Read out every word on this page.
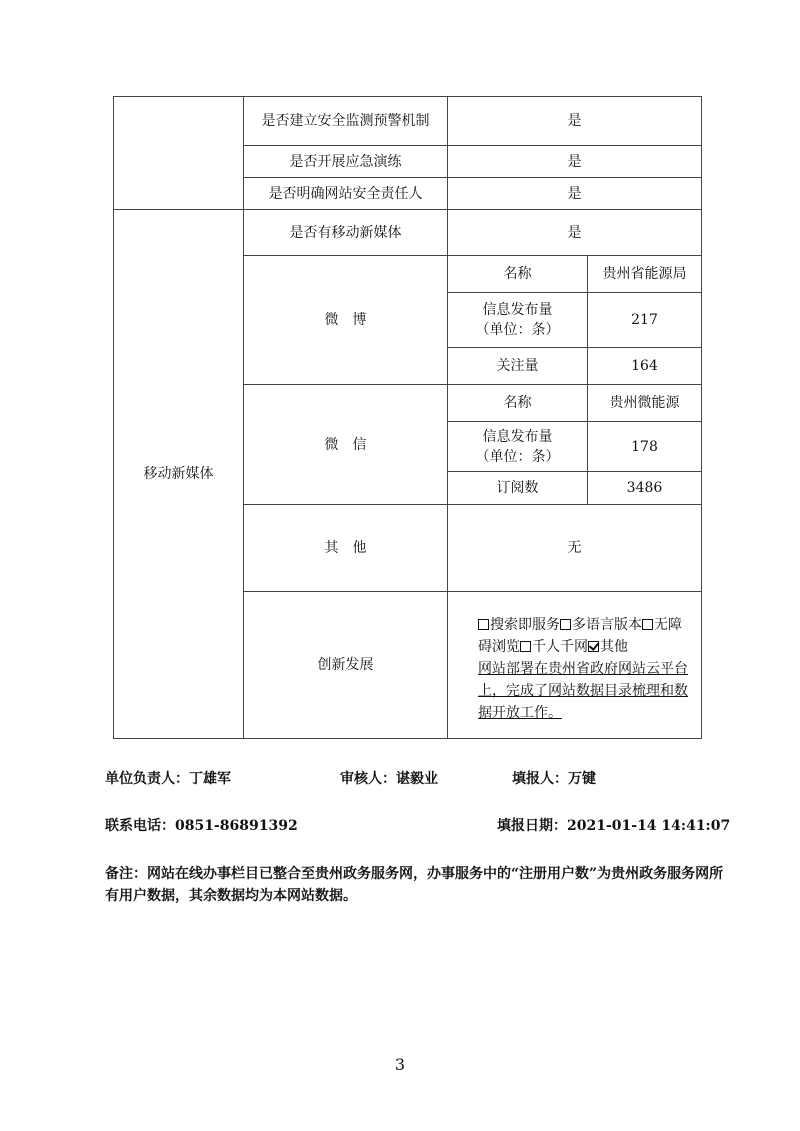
	是否建立安全监测预警机制	是	
	是否开展应急演练	是	
	是否明确网站安全责任人	是	
移动新媒体	是否有移动新媒体	是	
	微　博	名称	贵州省能源局

		信息发布量（单位：条）	217
		关注量	164
	微　信	名称	贵州微能源

		信息发布量（单位：条）	178
		订阅数	3486
	其　他	无	
	创新发展	搜索即服务 多语言版本 无障碍浏览 千人千网 其他
网站部署在贵州省政府网站云平台上，完成了网站数据目录梳理和数据开放工作。	
单位负责人：丁雄军	审核人：谌毅业	填报人：万键
联系电话：0851-86891392	填报日期：2021-01-14 14:41:07
备注：网站在线办事栏目已整合至贵州政务服务网，办事服务中的“注册用户数”为贵州政务服务网所有用户数据，其余数据均为本网站数据。
3
